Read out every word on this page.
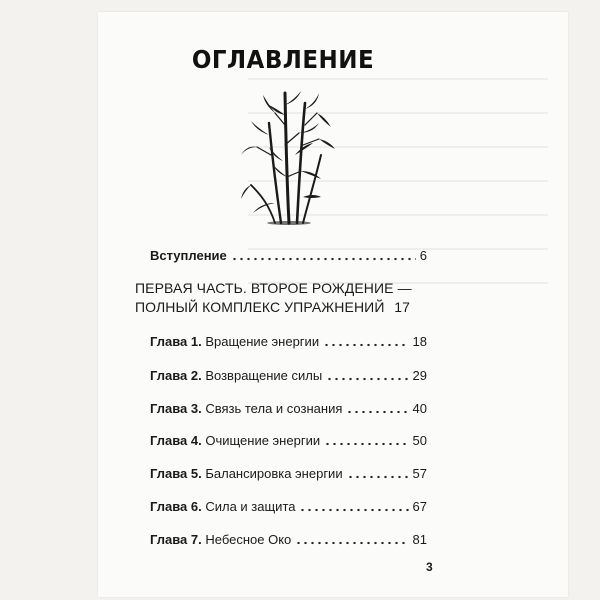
ОГЛАВЛЕНИЕ
Вступление	6
ПЕРВАЯ ЧАСТЬ. ВТОРОЕ РОЖДЕНИЕ —
ПОЛНЫЙ КОМПЛЕКС УПРАЖНЕНИЙ 17
Глава 1. Вращение энергии	18
Глава 2. Возвращение силы	29
Глава 3. Связь тела и сознания	40
Глава 4. Очищение энергии	50
Глава 5. Балансировка энергии	57
Глава 6. Сила и защита	67
Глава 7. Небесное Око	81
3
